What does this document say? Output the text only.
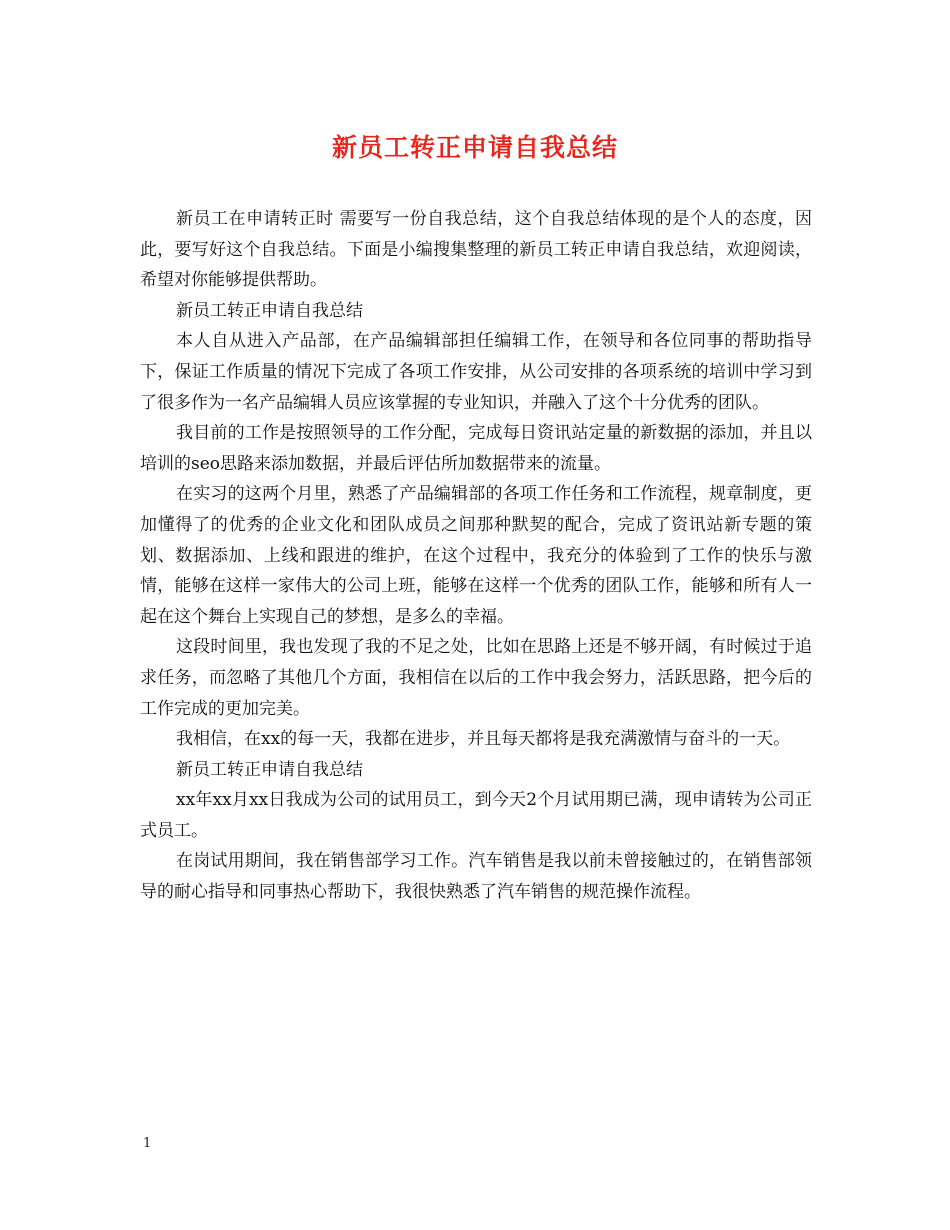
新员工转正申请自我总结

新员工在申请转正时 需要写一份自我总结，这个自我总结体现的是个人的态度，因此，要写好这个自我总结。下面是小编搜集整理的新员工转正申请自我总结，欢迎阅读，希望对你能够提供帮助。

新员工转正申请自我总结

本人自从进入产品部，在产品编辑部担任编辑工作，在领导和各位同事的帮助指导下，保证工作质量的情况下完成了各项工作安排，从公司安排的各项系统的培训中学习到了很多作为一名产品编辑人员应该掌握的专业知识，并融入了这个十分优秀的团队。

我目前的工作是按照领导的工作分配，完成每日资讯站定量的新数据的添加，并且以培训的seo思路来添加数据，并最后评估所加数据带来的流量。

在实习的这两个月里，熟悉了产品编辑部的各项工作任务和工作流程，规章制度，更加懂得了的优秀的企业文化和团队成员之间那种默契的配合，完成了资讯站新专题的策划、数据添加、上线和跟进的维护，在这个过程中，我充分的体验到了工作的快乐与激情，能够在这样一家伟大的公司上班，能够在这样一个优秀的团队工作，能够和所有人一起在这个舞台上实现自己的梦想，是多么的幸福。

这段时间里，我也发现了我的不足之处，比如在思路上还是不够开阔，有时候过于追求任务，而忽略了其他几个方面，我相信在以后的工作中我会努力，活跃思路，把今后的工作完成的更加完美。

我相信，在xx的每一天，我都在进步，并且每天都将是我充满激情与奋斗的一天。

新员工转正申请自我总结

xx年xx月xx日我成为公司的试用员工，到今天2个月试用期已满，现申请转为公司正式员工。

在岗试用期间，我在销售部学习工作。汽车销售是我以前未曾接触过的，在销售部领导的耐心指导和同事热心帮助下，我很快熟悉了汽车销售的规范操作流程。

1
